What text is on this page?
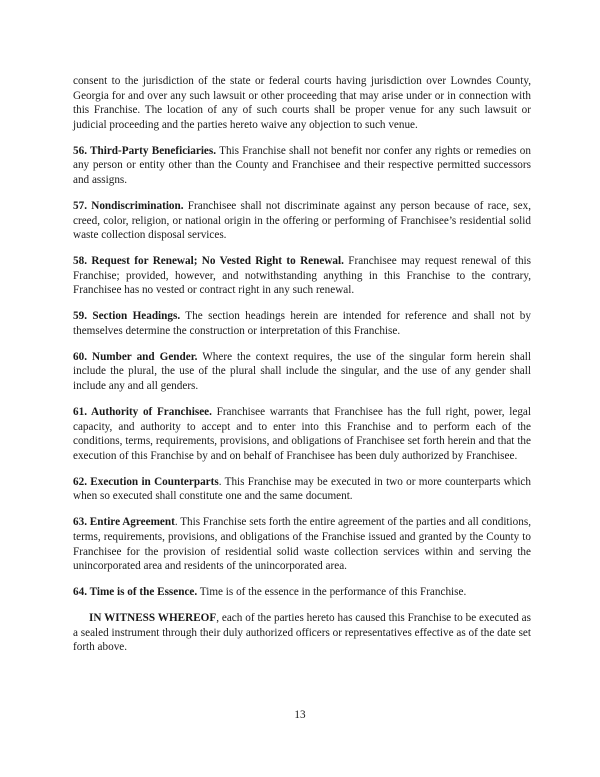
consent to the jurisdiction of the state or federal courts having jurisdiction over Lowndes County, Georgia for and over any such lawsuit or other proceeding that may arise under or in connection with this Franchise. The location of any of such courts shall be proper venue for any such lawsuit or judicial proceeding and the parties hereto waive any objection to such venue.

56. Third-Party Beneficiaries. This Franchise shall not benefit nor confer any rights or remedies on any person or entity other than the County and Franchisee and their respective permitted successors and assigns.

57. Nondiscrimination. Franchisee shall not discriminate against any person because of race, sex, creed, color, religion, or national origin in the offering or performing of Franchisee’s residential solid waste collection disposal services.

58. Request for Renewal; No Vested Right to Renewal. Franchisee may request renewal of this Franchise; provided, however, and notwithstanding anything in this Franchise to the contrary, Franchisee has no vested or contract right in any such renewal.

59. Section Headings. The section headings herein are intended for reference and shall not by themselves determine the construction or interpretation of this Franchise.

60. Number and Gender. Where the context requires, the use of the singular form herein shall include the plural, the use of the plural shall include the singular, and the use of any gender shall include any and all genders.

61. Authority of Franchisee. Franchisee warrants that Franchisee has the full right, power, legal capacity, and authority to accept and to enter into this Franchise and to perform each of the conditions, terms, requirements, provisions, and obligations of Franchisee set forth herein and that the execution of this Franchise by and on behalf of Franchisee has been duly authorized by Franchisee.

62. Execution in Counterparts. This Franchise may be executed in two or more counterparts which when so executed shall constitute one and the same document.

63. Entire Agreement. This Franchise sets forth the entire agreement of the parties and all conditions, terms, requirements, provisions, and obligations of the Franchise issued and granted by the County to Franchisee for the provision of residential solid waste collection services within and serving the unincorporated area and residents of the unincorporated area.

64. Time is of the Essence. Time is of the essence in the performance of this Franchise.

IN WITNESS WHEREOF, each of the parties hereto has caused this Franchise to be executed as a sealed instrument through their duly authorized officers or representatives effective as of the date set forth above.

13
